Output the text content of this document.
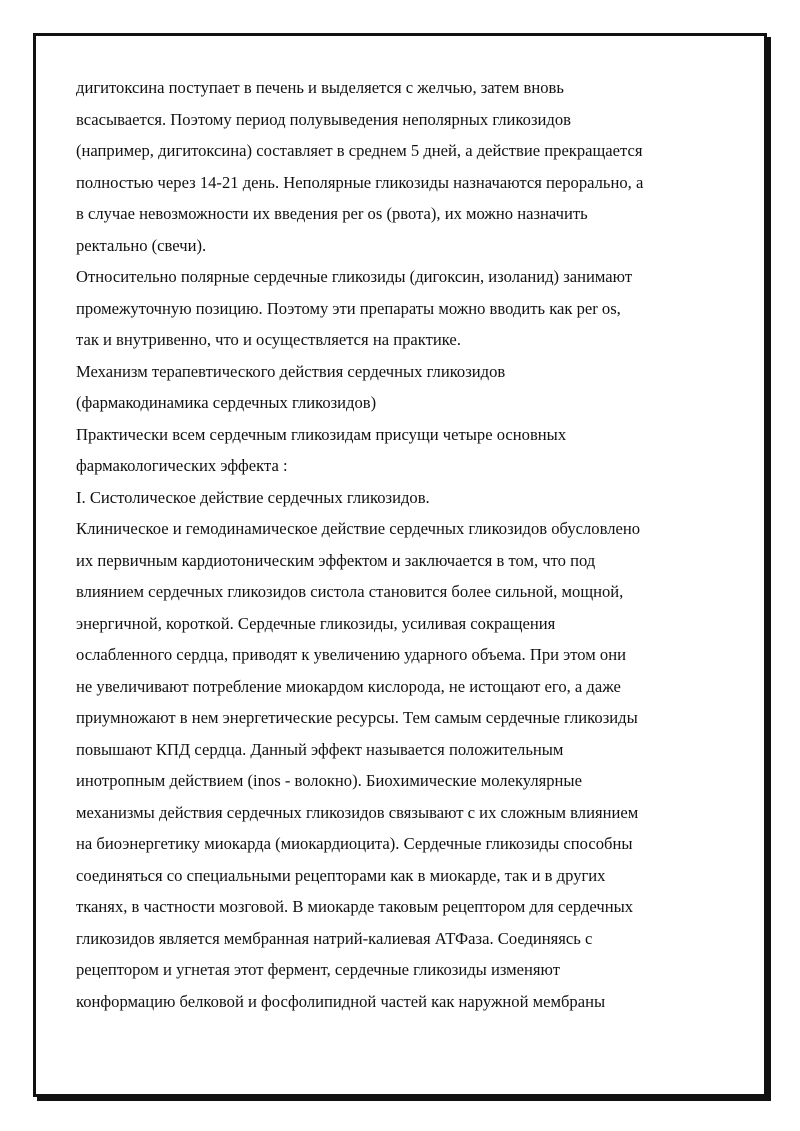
дигитоксина поступает в печень и выделяется с желчью, затем вновь
всасывается. Поэтому период полувыведения неполярных гликозидов
(например, дигитоксина) составляет в среднем 5 дней, а действие прекращается
полностью через 14-21 день. Неполярные гликозиды назначаются перорально, а
в случае невозможности их введения per os (рвота), их можно назначить
ректально (свечи).
Относительно полярные сердечные гликозиды (дигоксин, изоланид) занимают
промежуточную позицию. Поэтому эти препараты можно вводить как per os,
так и внутривенно, что и осуществляется на практике.
Механизм терапевтического действия сердечных гликозидов
(фармакодинамика сердечных гликозидов)
Практически всем сердечным гликозидам присущи четыре основных
фармакологических эффекта :
I. Систолическое действие сердечных гликозидов.
Клиническое и гемодинамическое действие сердечных гликозидов обусловлено
их первичным кардиотоническим эффектом и заключается в том, что под
влиянием сердечных гликозидов систола становится более сильной, мощной,
энергичной, короткой. Сердечные гликозиды, усиливая сокращения
ослабленного сердца, приводят к увеличению ударного объема. При этом они
не увеличивают потребление миокардом кислорода, не истощают его, а даже
приумножают в нем энергетические ресурсы. Тем самым сердечные гликозиды
повышают КПД сердца. Данный эффект называется положительным
инотропным действием (inos - волокно). Биохимические молекулярные
механизмы действия сердечных гликозидов связывают с их сложным влиянием
на биоэнергетику миокарда (миокардиоцита). Сердечные гликозиды способны
соединяться со специальными рецепторами как в миокарде, так и в других
тканях, в частности мозговой. В миокарде таковым рецептором для сердечных
гликозидов является мембранная натрий-калиевая АТФаза. Соединяясь с
рецептором и угнетая этот фермент, сердечные гликозиды изменяют
конформацию белковой и фосфолипидной частей как наружной мембраны
